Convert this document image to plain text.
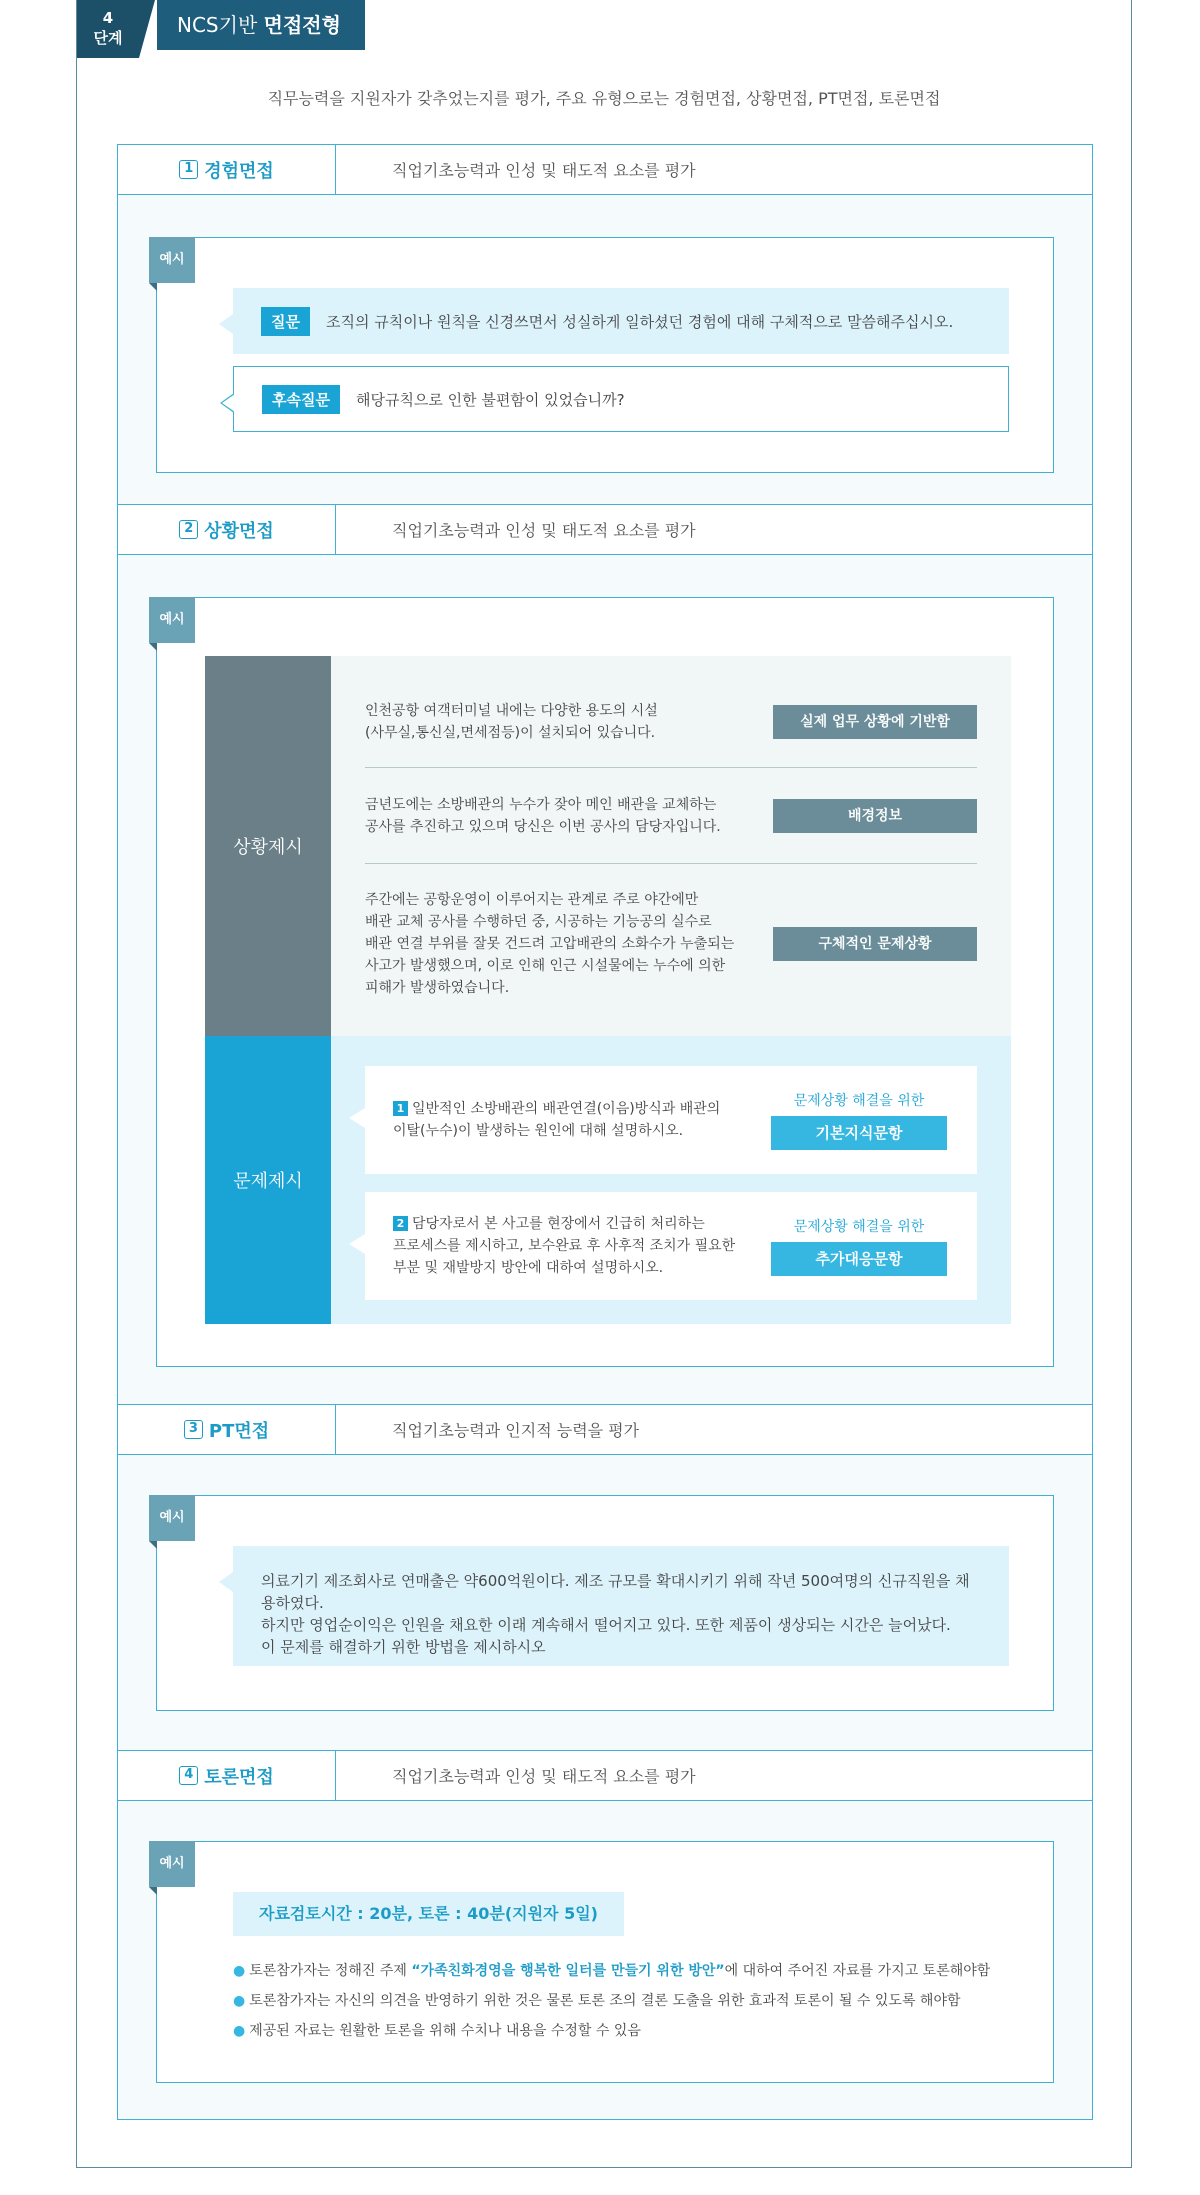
4
단계
NCS기반 면접전형
직무능력을 지원자가 갖추었는지를 평가, 주요 유형으로는 경험면접, 상황면접, PT면접, 토론면접
1 경험면접	직업기초능력과 인성 및 태도적 요소를 평가
예시
질문	조직의 규칙이나 원칙을 신경쓰면서 성실하게 일하셨던 경험에 대해 구체적으로 말씀해주십시오.
후속질문	해당규칙으로 인한 불편함이 있었습니까?
2 상황면접	직업기초능력과 인성 및 태도적 요소를 평가
예시
상황제시
인천공항 여객터미널 내에는 다양한 용도의 시설
(사무실,통신실,면세점등)이 설치되어 있습니다.
실제 업무 상황에 기반함
금년도에는 소방배관의 누수가 잦아 메인 배관을 교체하는
공사를 추진하고 있으며 당신은 이번 공사의 담당자입니다.
배경정보
주간에는 공항운영이 이루어지는 관계로 주로 야간에만
배관 교체 공사를 수행하던 중, 시공하는 기능공의 실수로
배관 연결 부위를 잘못 건드려 고압배관의 소화수가 누출되는
사고가 발생했으며, 이로 인해 인근 시설물에는 누수에 의한
피해가 발생하였습니다.
구체적인 문제상황
문제제시
1 일반적인 소방배관의 배관연결(이음)방식과 배관의
이탈(누수)이 발생하는 원인에 대해 설명하시오.
문제상황 해결을 위한
기본지식문항
2 담당자로서 본 사고를 현장에서 긴급히 처리하는
프로세스를 제시하고, 보수완료 후 사후적 조치가 필요한
부분 및 재발방지 방안에 대하여 설명하시오.
문제상황 해결을 위한
추가대응문항
3 PT면접	직업기초능력과 인지적 능력을 평가
예시
의료기기 제조회사로 연매출은 약600억원이다. 제조 규모를 확대시키기 위해 작년 500여명의 신규직원을 채용하였다.
하지만 영업순이익은 인원을 채요한 이래 계속해서 떨어지고 있다. 또한 제품이 생상되는 시간은 늘어났다.
이 문제를 해결하기 위한 방법을 제시하시오
4 토론면접	직업기초능력과 인성 및 태도적 요소를 평가
예시
자료검토시간 : 20분, 토론 : 40분(지원자 5일)
● 토론참가자는 정해진 주제 “가족친화경영을 행복한 일터를 만들기 위한 방안”에 대하여 주어진 자료를 가지고 토론해야함
● 토론참가자는 자신의 의견을 반영하기 위한 것은 물론 토론 조의 결론 도출을 위한 효과적 토론이 될 수 있도록 해야함
● 제공된 자료는 원활한 토론을 위해 수치나 내용을 수정할 수 있음
